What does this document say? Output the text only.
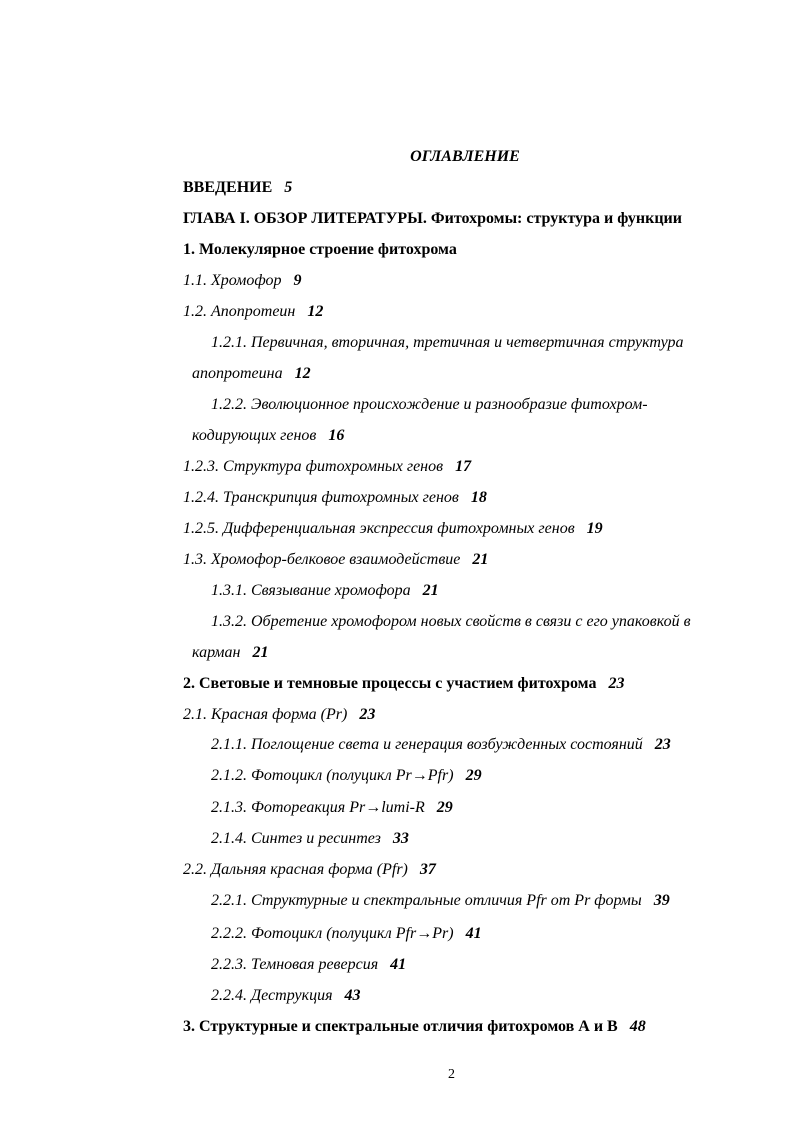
ОГЛАВЛЕНИЕ
ВВЕДЕНИЕ 5
ГЛАВА I. ОБЗОР ЛИТЕРАТУРЫ. Фитохромы: структура и функции
1. Молекулярное строение фитохрома
1.1. Хромофор 9
1.2. Апопротеин 12
1.2.1. Первичная, вторичная, третичная и четвертичная структура
апопротеина 12
1.2.2. Эволюционное происхождение и разнообразие фитохром-
кодирующих генов 16
1.2.3. Структура фитохромных генов 17
1.2.4. Транскрипция фитохромных генов 18
1.2.5. Дифференциальная экспрессия фитохромных генов 19
1.3. Хромофор-белковое взаимодействие 21
1.3.1. Связывание хромофора 21
1.3.2. Обретение хромофором новых свойств в связи с его упаковкой в
карман 21
2. Световые и темновые процессы с участием фитохрома 23
2.1. Красная форма (Pr) 23
2.1.1. Поглощение света и генерация возбужденных состояний 23
2.1.2. Фотоцикл (полуцикл Pr→Pfr) 29
2.1.3. Фотореакция Pr→lumi-R 29
2.1.4. Синтез и ресинтез 33
2.2. Дальняя красная форма (Pfr) 37
2.2.1. Структурные и спектральные отличия Pfr от Pr формы 39
2.2.2. Фотоцикл (полуцикл Pfr→Pr) 41
2.2.3. Темновая реверсия 41
2.2.4. Деструкция 43
3. Структурные и спектральные отличия фитохромов А и В 48
2
